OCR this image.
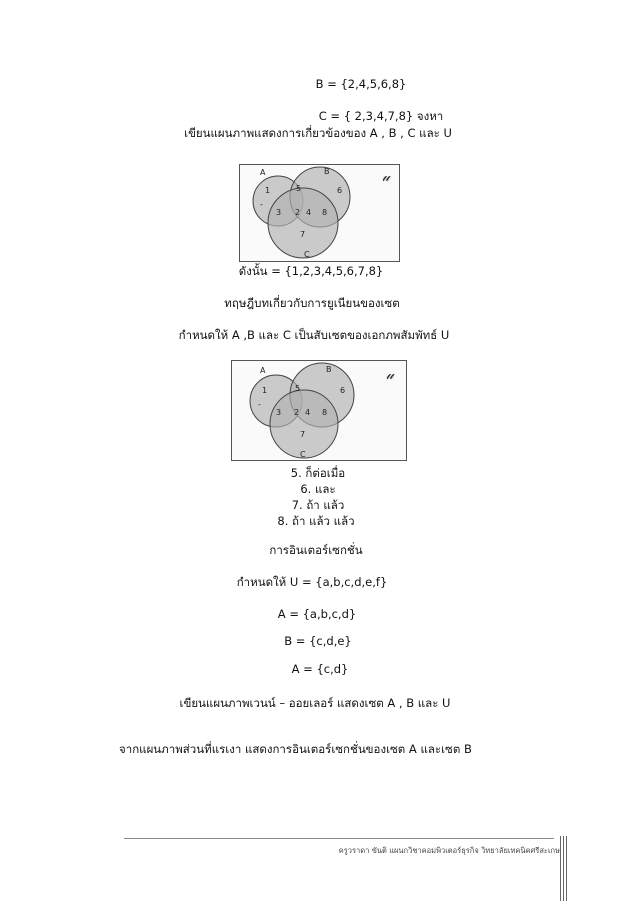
B = {2,4,5,6,8}
C = { 2,3,4,7,8} จงหา
เขียนแผนภาพแสดงการเกี่ยวข้องของ A , B , C และ U
A	B
C
𝓊
1	5	6
-
3 2 4 8
7
ดังนั้น = {1,2,3,4,5,6,7,8}
ทฤษฎีบทเกี่ยวกับการยูเนียนของเซต
กำหนดให้ A ,B และ C เป็นสับเซตของเอกภพสัมพัทธ์ U
A	B
C
𝓊
1	5	6
-
3 2 4 8
7
5. ก็ต่อเมื่อ
6. และ
7. ถ้า แล้ว
8. ถ้า แล้ว แล้ว
การอินเตอร์เซกชั่น
กำหนดให้ U = {a,b,c,d,e,f}
A = {a,b,c,d}
B = {c,d,e}
A = {c,d}
เขียนแผนภาพเวนน์ – ออยเลอร์ แสดงเซต A , B และ U
จากแผนภาพส่วนที่แรเงา แสดงการอินเตอร์เซกชั่นของเซต A และเซต B
ครูวราดา ขันติ แผนกวิชาคอมพิวเตอร์ธุรกิจ วิทยาลัยเทคนิคศรีสะเกษ
